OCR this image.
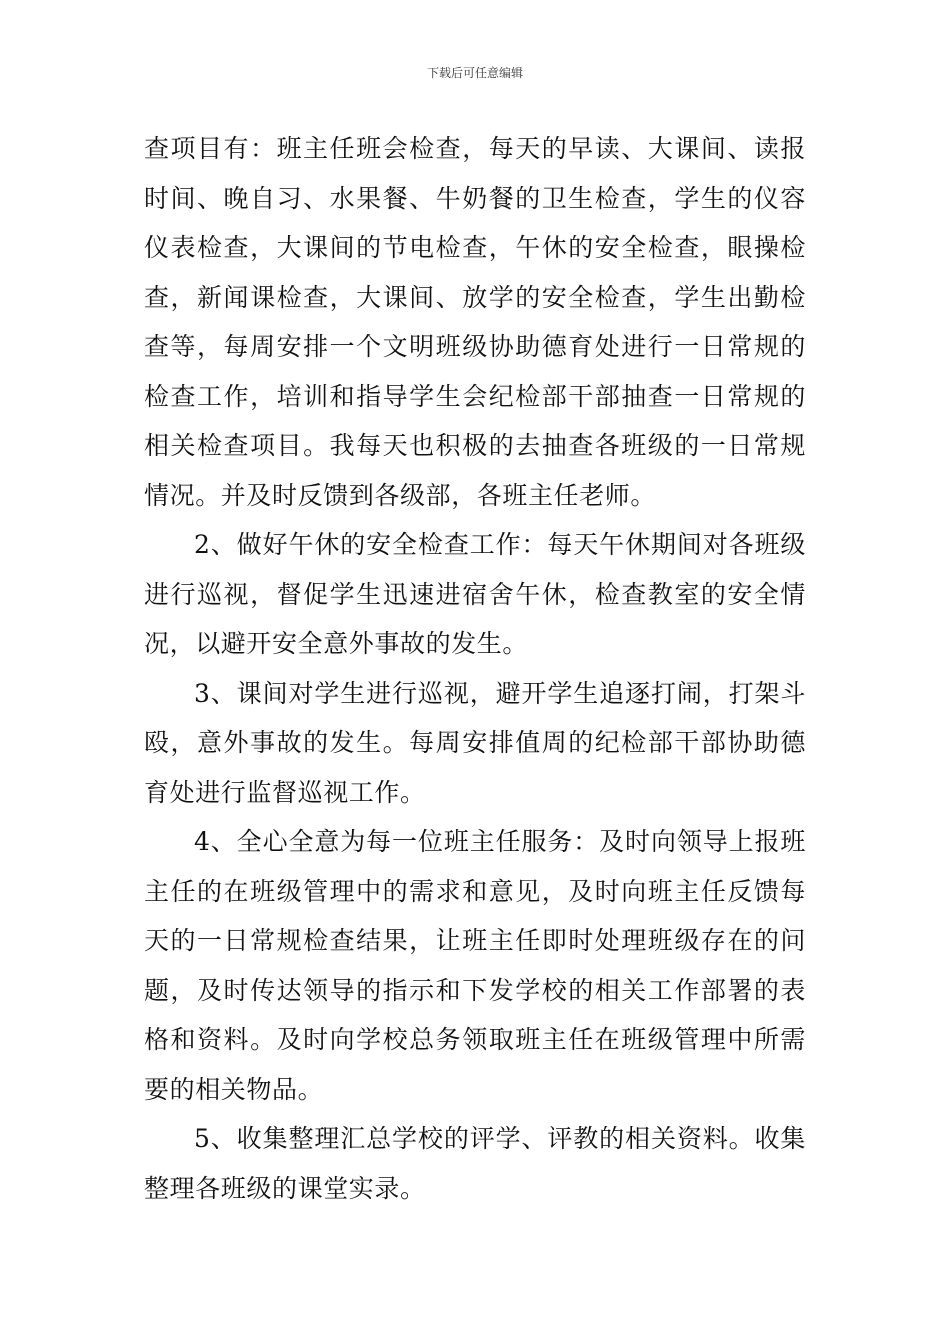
下载后可任意编辑

查项目有：班主任班会检查，每天的早读、大课间、读报时间、晚自习、水果餐、牛奶餐的卫生检查，学生的仪容仪表检查，大课间的节电检查，午休的安全检查，眼操检查，新闻课检查，大课间、放学的安全检查，学生出勤检查等，每周安排一个文明班级协助德育处进行一日常规的检查工作，培训和指导学生会纪检部干部抽查一日常规的相关检查项目。我每天也积极的去抽查各班级的一日常规情况。并及时反馈到各级部，各班主任老师。

2、做好午休的安全检查工作：每天午休期间对各班级进行巡视，督促学生迅速进宿舍午休，检查教室的安全情况，以避开安全意外事故的发生。

3、课间对学生进行巡视，避开学生追逐打闹，打架斗殴，意外事故的发生。每周安排值周的纪检部干部协助德育处进行监督巡视工作。

4、全心全意为每一位班主任服务：及时向领导上报班主任的在班级管理中的需求和意见，及时向班主任反馈每天的一日常规检查结果，让班主任即时处理班级存在的问题，及时传达领导的指示和下发学校的相关工作部署的表格和资料。及时向学校总务领取班主任在班级管理中所需要的相关物品。

5、收集整理汇总学校的评学、评教的相关资料。收集整理各班级的课堂实录。
